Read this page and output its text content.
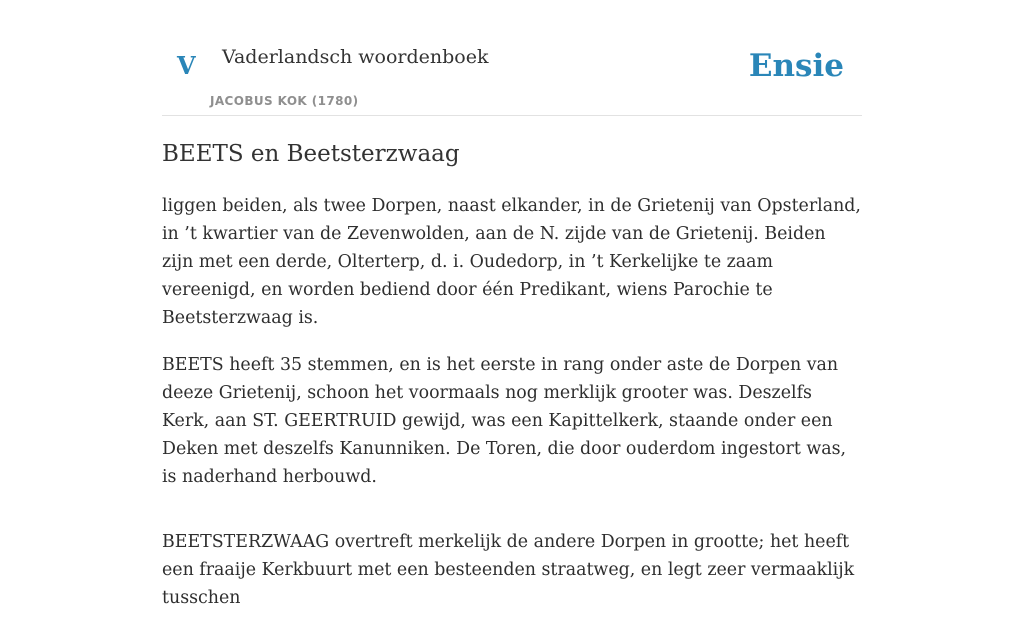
V Vaderlandsch woordenboek
JACOBUS KOK (1780)
Ensie
BEETS en Beetsterzwaag

liggen beiden, als twee Dorpen, naast elkander, in de Grietenij van Opsterland, in ’t kwartier van de Zevenwolden, aan de N. zijde van de Grietenij. Beiden zijn met een derde, Olterterp, d. i. Oudedorp, in ’t Kerkelijke te zaam vereenigd, en worden bediend door één Predikant, wiens Parochie te Beetsterzwaag is.

BEETS heeft 35 stemmen, en is het eerste in rang onder aste de Dorpen van deeze Grietenij, schoon het voormaals nog merklijk grooter was. Deszelfs Kerk, aan ST. GEERTRUID gewijd, was een Kapittelkerk, staande onder een Deken met deszelfs Kanunniken. De Toren, die door ouderdom ingestort was, is naderhand herbouwd.

BEETSTERZWAAG overtreft merkelijk de andere Dorpen in grootte; het heeft een fraaije Kerkbuurt met een besteenden straatweg, en legt zeer vermaaklijk tusschen
